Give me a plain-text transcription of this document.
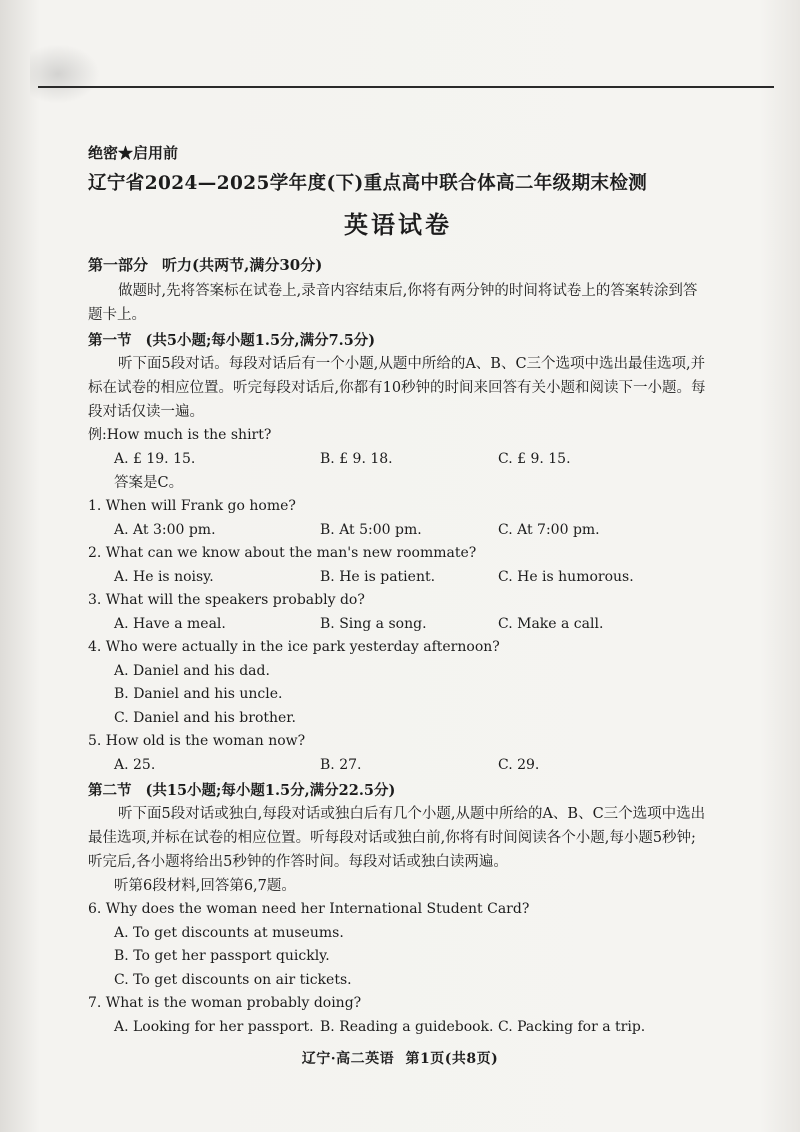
绝密★启用前
辽宁省2024—2025学年度(下)重点高中联合体高二年级期末检测
英语试卷
第一部分 听力(共两节,满分30分)
做题时,先将答案标在试卷上,录音内容结束后,你将有两分钟的时间将试卷上的答案转涂到答题卡上。
第一节 (共5小题;每小题1.5分,满分7.5分)
听下面5段对话。每段对话后有一个小题,从题中所给的A、B、C三个选项中选出最佳选项,并标在试卷的相应位置。听完每段对话后,你都有10秒钟的时间来回答有关小题和阅读下一小题。每段对话仅读一遍。
例:How much is the shirt?
A. £ 19. 15.	B. £ 9. 18.	C. £ 9. 15.
答案是C。
1. When will Frank go home?
A. At 3:00 pm.	B. At 5:00 pm.	C. At 7:00 pm.
2. What can we know about the man's new roommate?
A. He is noisy.	B. He is patient.	C. He is humorous.
3. What will the speakers probably do?
A. Have a meal.	B. Sing a song.	C. Make a call.
4. Who were actually in the ice park yesterday afternoon?
A. Daniel and his dad.
B. Daniel and his uncle.
C. Daniel and his brother.
5. How old is the woman now?
A. 25.	B. 27.	C. 29.
第二节 (共15小题;每小题1.5分,满分22.5分)
听下面5段对话或独白,每段对话或独白后有几个小题,从题中所给的A、B、C三个选项中选出最佳选项,并标在试卷的相应位置。听每段对话或独白前,你将有时间阅读各个小题,每小题5秒钟;听完后,各小题将给出5秒钟的作答时间。每段对话或独白读两遍。
听第6段材料,回答第6,7题。
6. Why does the woman need her International Student Card?
A. To get discounts at museums.
B. To get her passport quickly.
C. To get discounts on air tickets.
7. What is the woman probably doing?
A. Looking for her passport. B. Reading a guidebook. C. Packing for a trip.
辽宁·高二英语 第1页(共8页)
